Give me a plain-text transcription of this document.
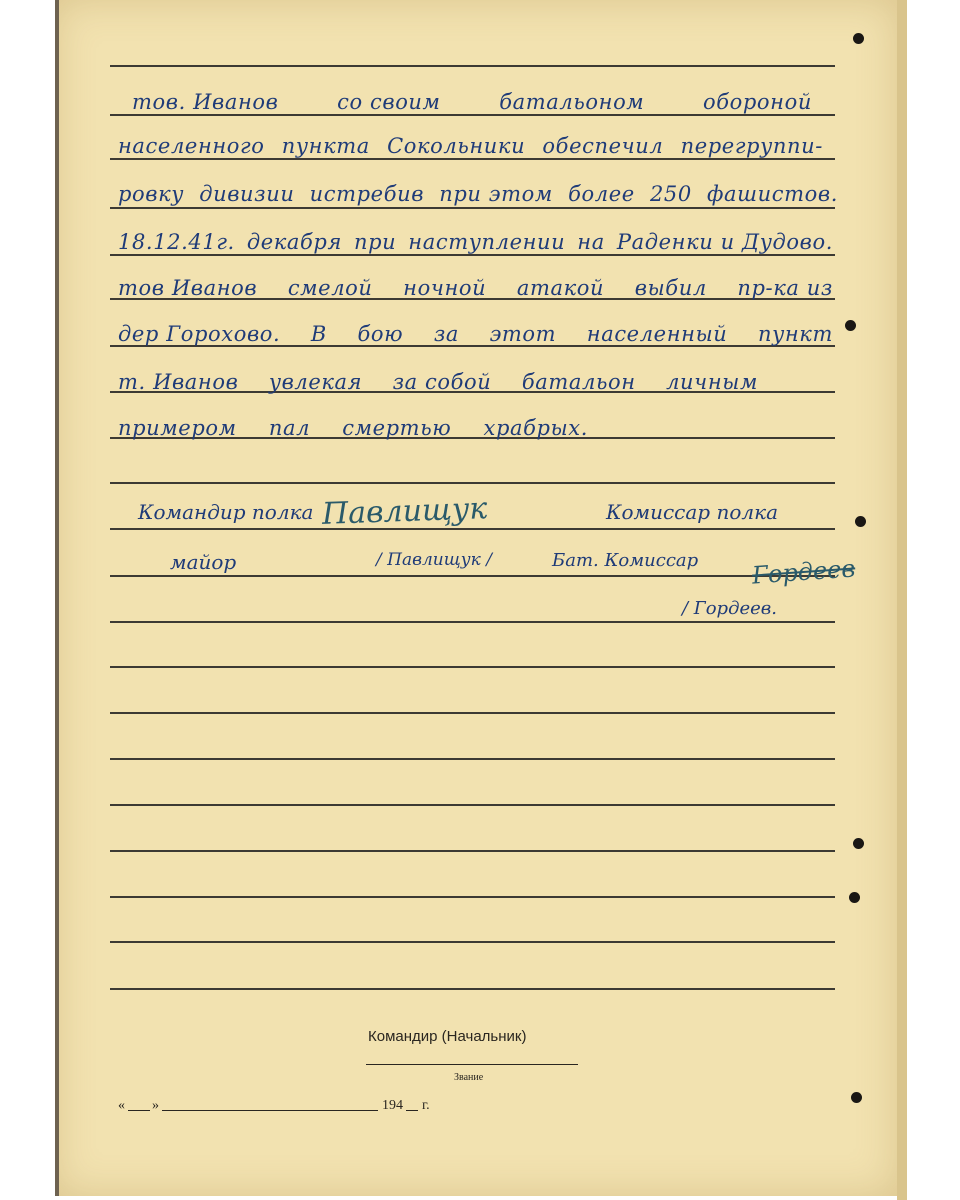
тов. Иванов	со своим	батальоном	обороной
населенного пункта Сокольники обеспечил перегруппи-
ровку дивизии истребив при этом более 250 фашистов.
18.12.41г. декабря при наступлении на Раденки и Дудово.
тов Иванов смелой ночной атакой выбил пр-ка из
дер Горохово. В бою за этот населенный пункт
т. Иванов увлекая за собой батальон личным
примером пал смертью храбрых.
Командир полка Павлищук	Комиссар полка
майор	/ Павлищук /	Бат. Комиссар Гордеев
/ Гордеев.
Командир (Начальник)
Звание
« »	194 г.
